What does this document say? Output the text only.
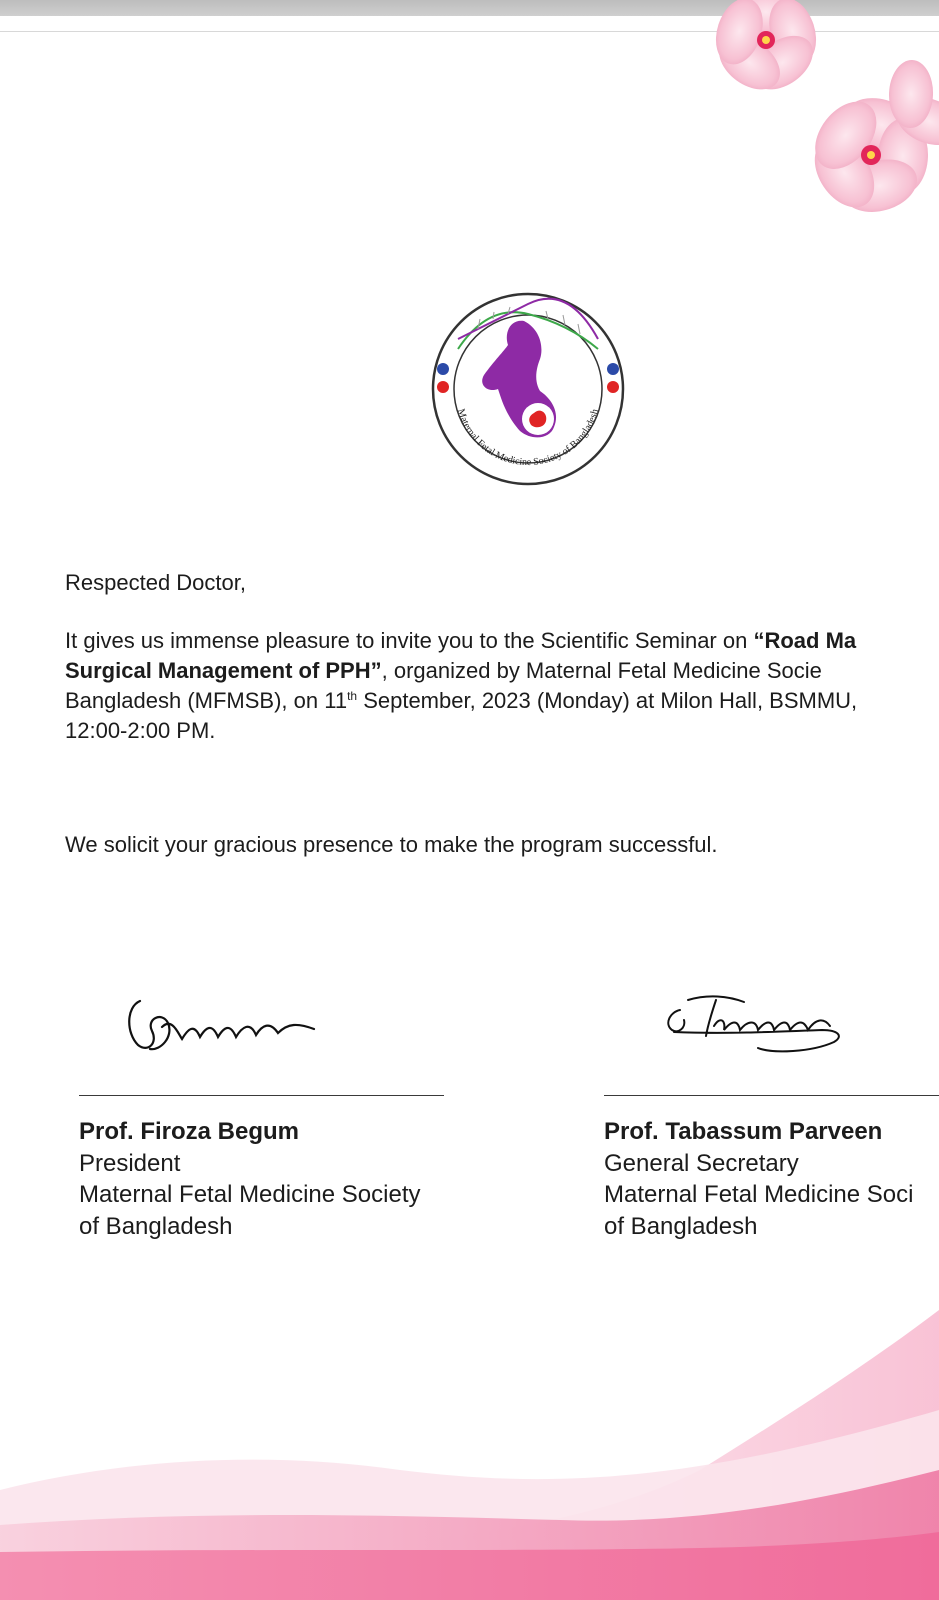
Maternal Fetal Medicine Society of Bangladesh
Respected Doctor,
It gives us immense pleasure to invite you to the Scientific Seminar on “Road Ma
Surgical Management of PPH”, organized by Maternal Fetal Medicine Socie
Bangladesh (MFMSB), on 11th September, 2023 (Monday) at Milon Hall, BSMMU,
12:00-2:00 PM.
We solicit your gracious presence to make the program successful.
Prof. Firoza Begum
President
Maternal Fetal Medicine Society
of Bangladesh
Prof. Tabassum Parveen
General Secretary
Maternal Fetal Medicine Soci
of Bangladesh
